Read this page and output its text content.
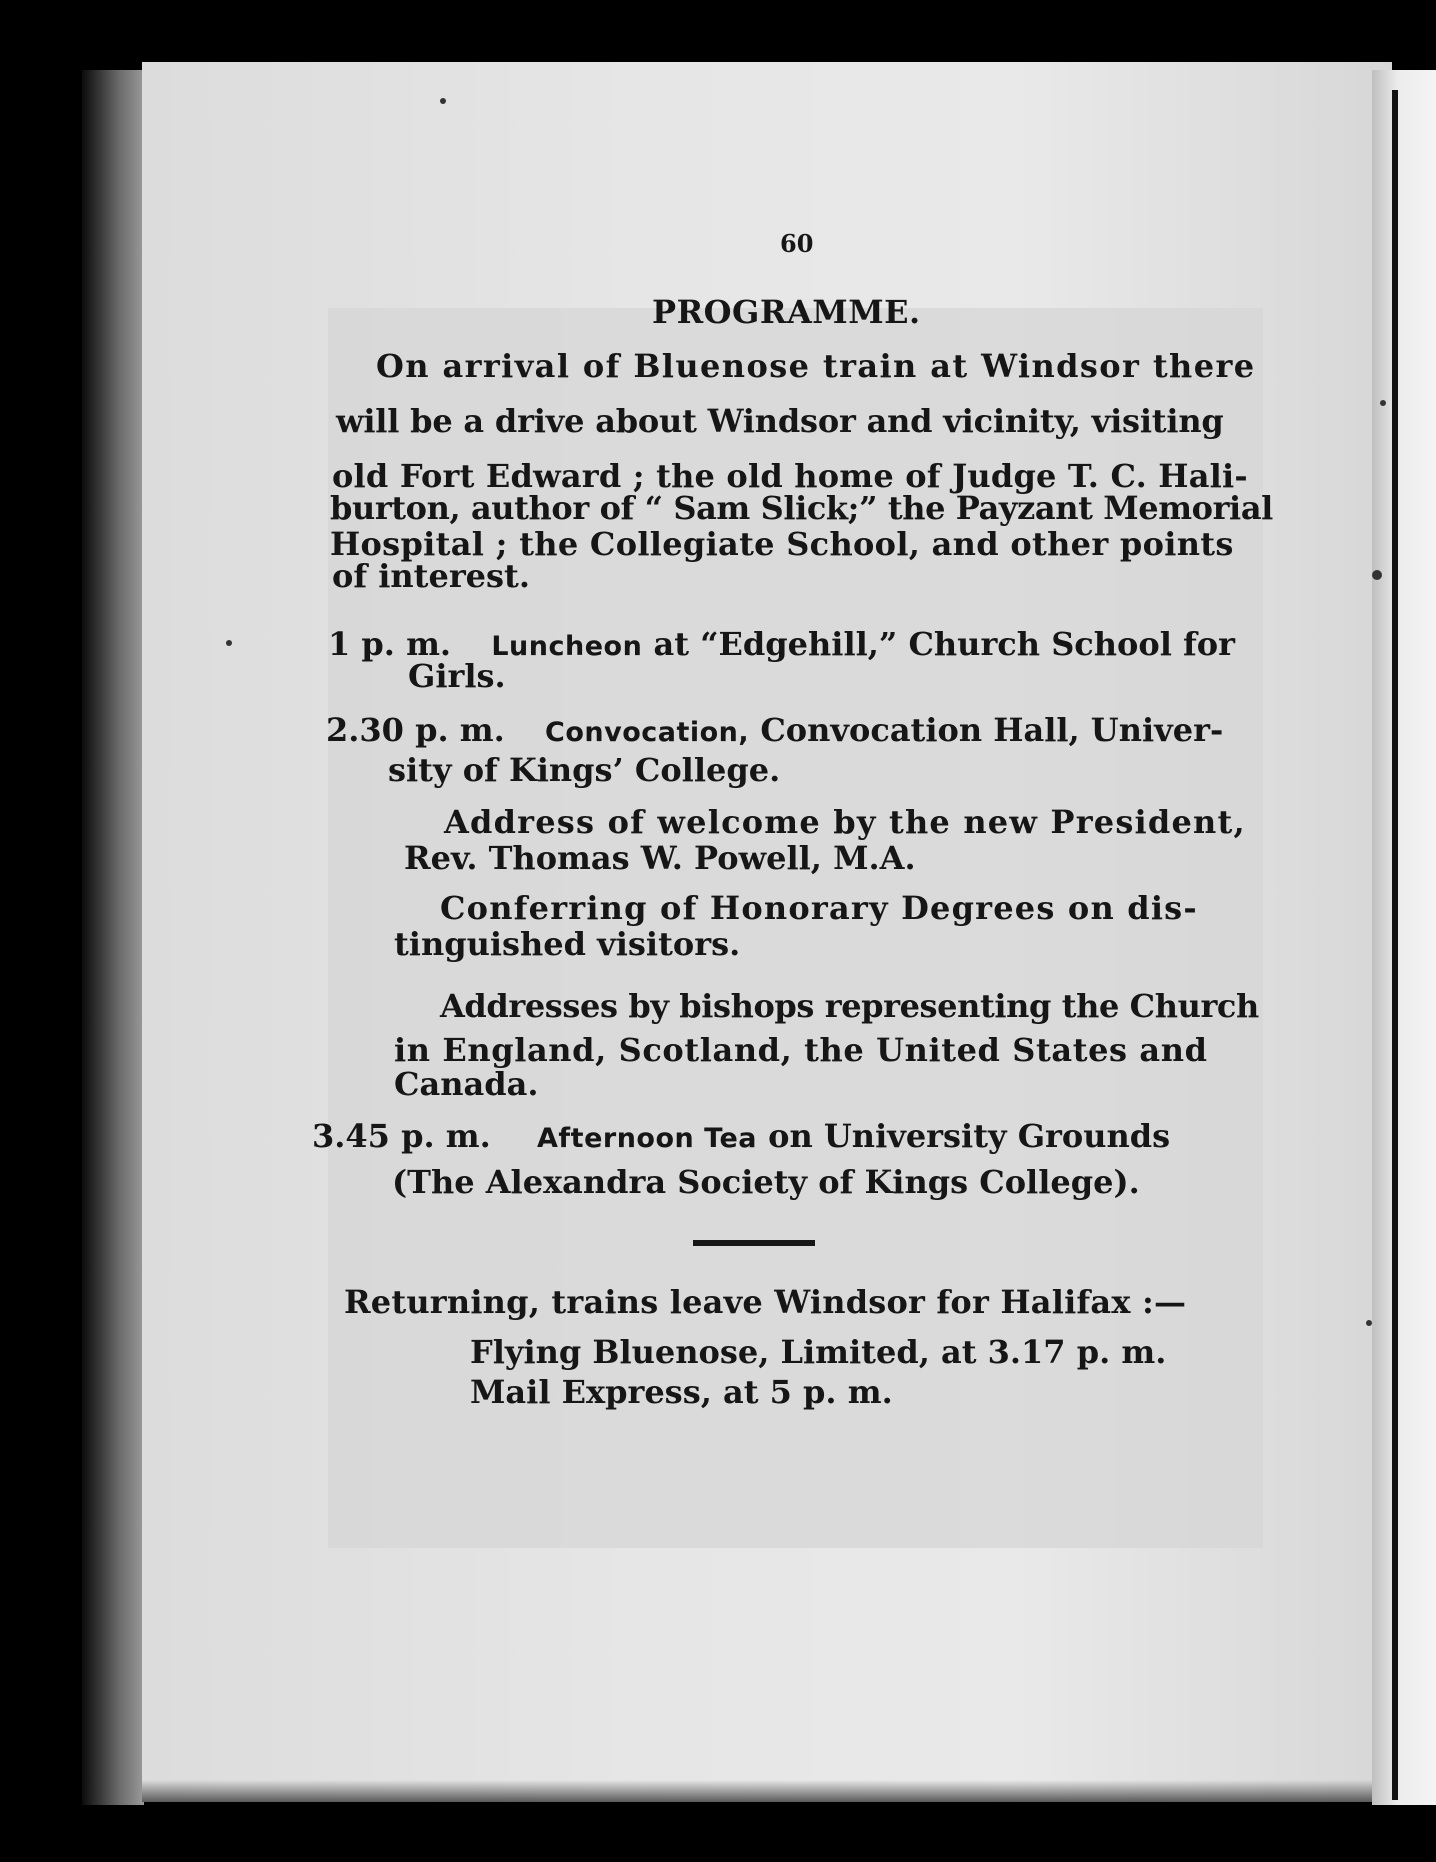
60
PROGRAMME.
On arrival of Bluenose train at Windsor there
will be a drive about Windsor and vicinity, visiting
old Fort Edward ; the old home of Judge T. C. Hali-
burton, author of “ Sam Slick;” the Payzant Memorial
Hospital ; the Collegiate School, and other points
of interest.
1 p. m. Luncheon at “Edgehill,” Church School for
Girls.
2.30 p. m. Convocation, Convocation Hall, Univer-
sity of Kings’ College.
Address of welcome by the new President,
Rev. Thomas W. Powell, M.A.
Conferring of Honorary Degrees on dis-
tinguished visitors.
Addresses by bishops representing the Church
in England, Scotland, the United States and
Canada.
3.45 p. m. Afternoon Tea on University Grounds
(The Alexandra Society of Kings College).
Returning, trains leave Windsor for Halifax :—
Flying Bluenose, Limited, at 3.17 p. m.
Mail Express, at 5 p. m.
